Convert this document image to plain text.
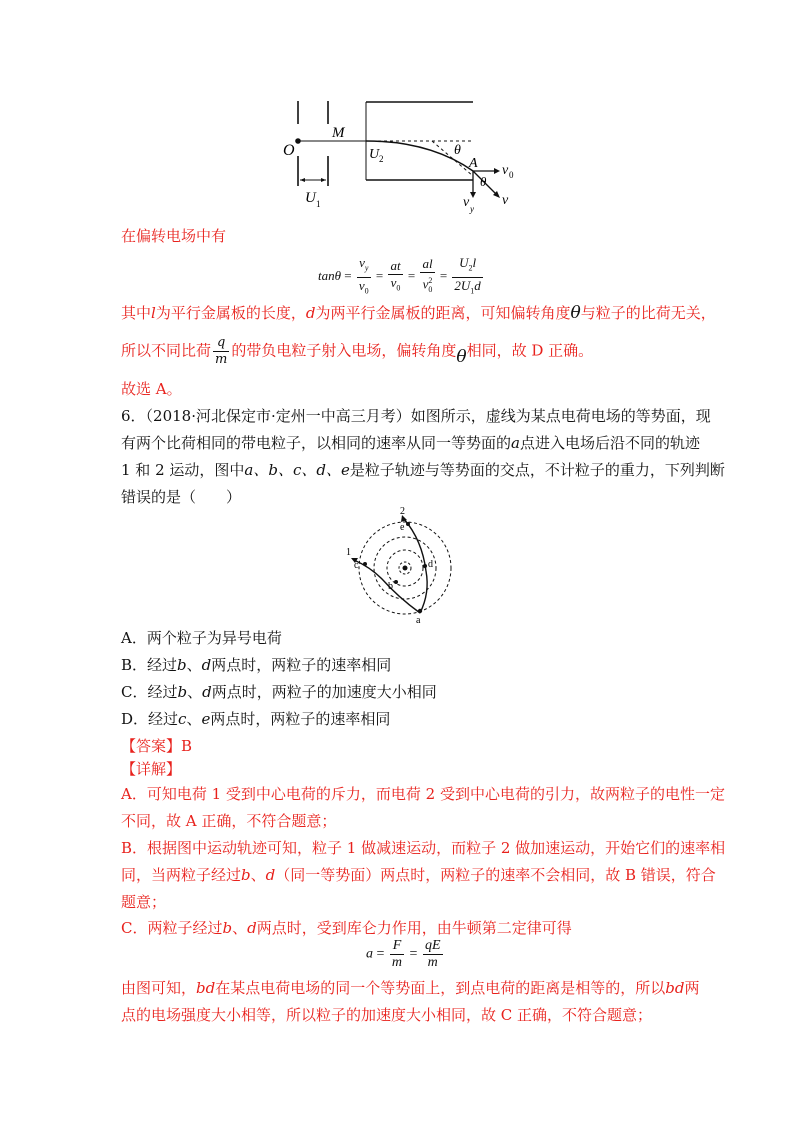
O
M
U 2
θ
A v 0
θ
v y
v
U 1
在偏转电场中有
$\tan\theta = \frac{v_y}{v_0} = \frac{at}{v_0} = \frac{al}{v^2_0} = \frac{U_2l}{2U_1d}$
其中l为平行金属板的长度，d为两平行金属板的距离，可知偏转角度θ与粒子的比荷无关，
所以不同比荷 $\frac{q}{m}$ 的带负电粒子射入电场，偏转角度θ相同，故 D 正确。
故选 A。
6．（2018·河北保定市·定州一中高三月考）如图所示，虚线为某点电荷电场的等势面，现
有两个比荷相同的带电粒子，以相同的速率从同一等势面的a点进入电场后沿不同的轨迹
1 和 2 运动，图中a、b、c、d、e是粒子轨迹与等势面的交点，不计粒子的重力，下列判断
错误的是（　　）
1
2
a
b
c	d
e
A．两个粒子为异号电荷
B．经过b、d两点时，两粒子的速率相同
C．经过b、d两点时，两粒子的加速度大小相同
D．经过c、e两点时，两粒子的速率相同
【答案】B
【详解】
A．可知电荷 1 受到中心电荷的斥力，而电荷 2 受到中心电荷的引力，故两粒子的电性一定
不同，故 A 正确，不符合题意；
B．根据图中运动轨迹可知，粒子 1 做减速运动，而粒子 2 做加速运动，开始它们的速率相
同，当两粒子经过b、d（同一等势面）两点时，两粒子的速率不会相同，故 B 错误，符合
题意；
C．两粒子经过b、d两点时，受到库仑力作用，由牛顿第二定律可得
$a = \frac{F}{m} = \frac{qE}{m}$
由图可知，bd在某点电荷电场的同一个等势面上，到点电荷的距离是相等的，所以bd两
点的电场强度大小相等，所以粒子的加速度大小相同，故 C 正确，不符合题意；
